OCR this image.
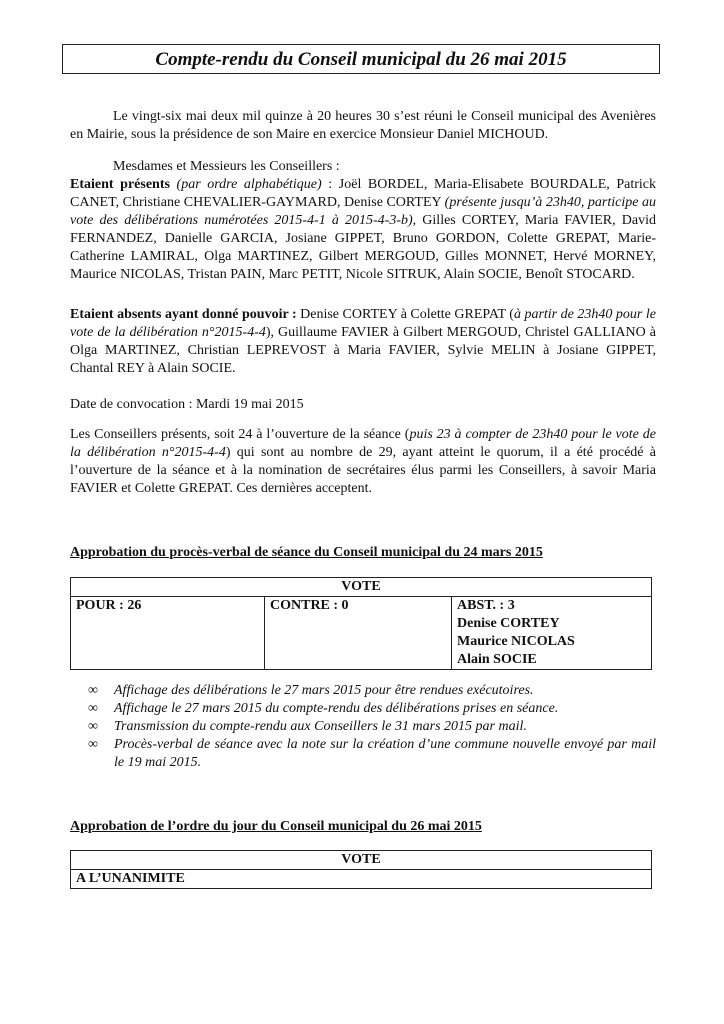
Compte-rendu du Conseil municipal du 26 mai 2015

Le vingt-six mai deux mil quinze à 20 heures 30 s’est réuni le Conseil municipal des Avenières en Mairie, sous la présidence de son Maire en exercice Monsieur Daniel MICHOUD.

Mesdames et Messieurs les Conseillers :
Etaient présents (par ordre alphabétique) : Joël BORDEL, Maria-Elisabete BOURDALE, Patrick CANET, Christiane CHEVALIER-GAYMARD, Denise CORTEY (présente jusqu’à 23h40, participe au vote des délibérations numérotées 2015-4-1 à 2015-4-3-b), Gilles CORTEY, Maria FAVIER, David FERNANDEZ, Danielle GARCIA, Josiane GIPPET, Bruno GORDON, Colette GREPAT, Marie-Catherine LAMIRAL, Olga MARTINEZ, Gilbert MERGOUD, Gilles MONNET, Hervé MORNEY, Maurice NICOLAS, Tristan PAIN, Marc PETIT, Nicole SITRUK, Alain SOCIE, Benoît STOCARD.

Etaient absents ayant donné pouvoir : Denise CORTEY à Colette GREPAT (à partir de 23h40 pour le vote de la délibération n°2015-4-4), Guillaume FAVIER à Gilbert MERGOUD, Christel GALLIANO à Olga MARTINEZ, Christian LEPREVOST à Maria FAVIER, Sylvie MELIN à Josiane GIPPET, Chantal REY à Alain SOCIE.

Date de convocation : Mardi 19 mai 2015

Les Conseillers présents, soit 24 à l’ouverture de la séance (puis 23 à compter de 23h40 pour le vote de la délibération n°2015-4-4) qui sont au nombre de 29, ayant atteint le quorum, il a été procédé à l’ouverture de la séance et à la nomination de secrétaires élus parmi les Conseillers, à savoir Maria FAVIER et Colette GREPAT. Ces dernières acceptent.

Approbation du procès-verbal de séance du Conseil municipal du 24 mars 2015
VOTE
POUR : 26	CONTRE : 0	ABST. : 3
Denise CORTEY
Maurice NICOLAS
Alain SOCIE
∞ Affichage des délibérations le 27 mars 2015 pour être rendues exécutoires.
∞ Affichage le 27 mars 2015 du compte-rendu des délibérations prises en séance.
∞ Transmission du compte-rendu aux Conseillers le 31 mars 2015 par mail.
∞ Procès-verbal de séance avec la note sur la création d’une commune nouvelle envoyé par mail le 19 mai 2015.
Approbation de l’ordre du jour du Conseil municipal du 26 mai 2015
VOTE
A L’UNANIMITE
